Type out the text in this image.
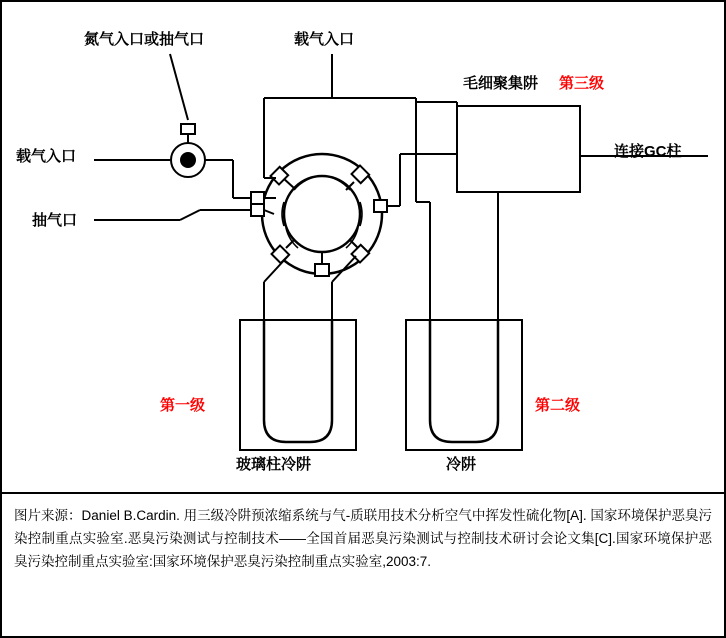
氮气入口或抽气口	载气入口
毛细聚集阱 第三级
载气入口	连接GC柱
抽气口
第一级	第二级
玻璃柱冷阱	冷阱
图片来源：Daniel B.Cardin. 用三级冷阱预浓缩系统与气-质联用技术分析空气中挥发性硫化物[A]. 国家环境保护恶臭污染控制重点实验室.恶臭污染测试与控制技术——全国首届恶臭污染测试与控制技术研讨会论文集[C].国家环境保护恶臭污染控制重点实验室:国家环境保护恶臭污染控制重点实验室,2003:7.
